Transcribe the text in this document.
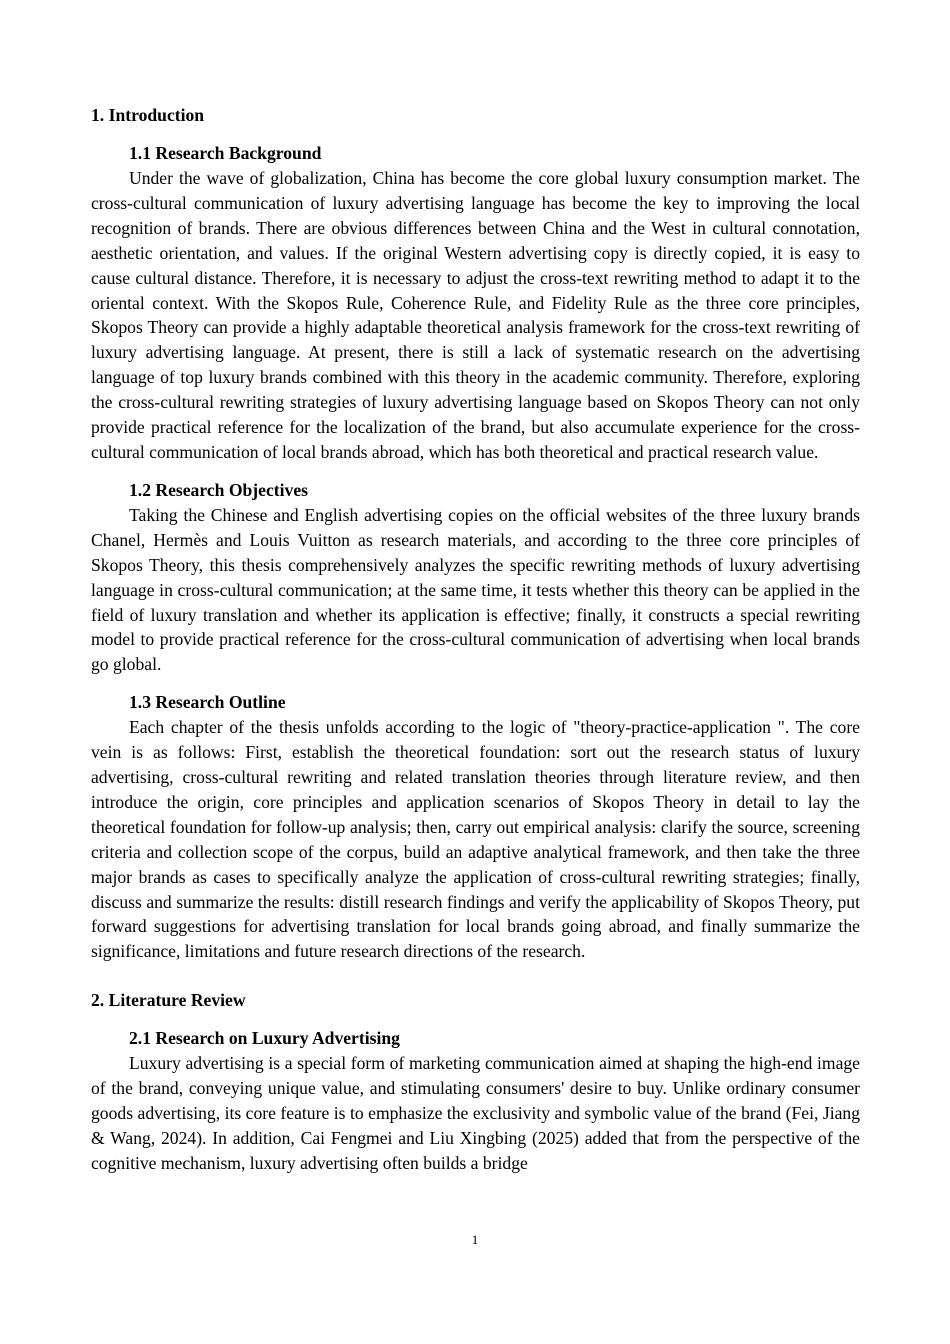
1. Introduction

1.1 Research Background

Under the wave of globalization, China has become the core global luxury consumption market. The cross-cultural communication of luxury advertising language has become the key to improving the local recognition of brands. There are obvious differences between China and the West in cultural connotation, aesthetic orientation, and values. If the original Western advertising copy is directly copied, it is easy to cause cultural distance. Therefore, it is necessary to adjust the cross-text rewriting method to adapt it to the oriental context. With the Skopos Rule, Coherence Rule, and Fidelity Rule as the three core principles, Skopos Theory can provide a highly adaptable theoretical analysis framework for the cross-text rewriting of luxury advertising language. At present, there is still a lack of systematic research on the advertising language of top luxury brands combined with this theory in the academic community. Therefore, exploring the cross-cultural rewriting strategies of luxury advertising language based on Skopos Theory can not only provide practical reference for the localization of the brand, but also accumulate experience for the cross-cultural communication of local brands abroad, which has both theoretical and practical research value.

1.2 Research Objectives

Taking the Chinese and English advertising copies on the official websites of the three luxury brands Chanel, Hermès and Louis Vuitton as research materials, and according to the three core principles of Skopos Theory, this thesis comprehensively analyzes the specific rewriting methods of luxury advertising language in cross-cultural communication; at the same time, it tests whether this theory can be applied in the field of luxury translation and whether its application is effective; finally, it constructs a special rewriting model to provide practical reference for the cross-cultural communication of advertising when local brands go global.

1.3 Research Outline

Each chapter of the thesis unfolds according to the logic of "theory-practice-application ". The core vein is as follows: First, establish the theoretical foundation: sort out the research status of luxury advertising, cross-cultural rewriting and related translation theories through literature review, and then introduce the origin, core principles and application scenarios of Skopos Theory in detail to lay the theoretical foundation for follow-up analysis; then, carry out empirical analysis: clarify the source, screening criteria and collection scope of the corpus, build an adaptive analytical framework, and then take the three major brands as cases to specifically analyze the application of cross-cultural rewriting strategies; finally, discuss and summarize the results: distill research findings and verify the applicability of Skopos Theory, put forward suggestions for advertising translation for local brands going abroad, and finally summarize the significance, limitations and future research directions of the research.

2. Literature Review

2.1 Research on Luxury Advertising

Luxury advertising is a special form of marketing communication aimed at shaping the high-end image of the brand, conveying unique value, and stimulating consumers' desire to buy. Unlike ordinary consumer goods advertising, its core feature is to emphasize the exclusivity and symbolic value of the brand (Fei, Jiang & Wang, 2024). In addition, Cai Fengmei and Liu Xingbing (2025) added that from the perspective of the cognitive mechanism, luxury advertising often builds a bridge

1
